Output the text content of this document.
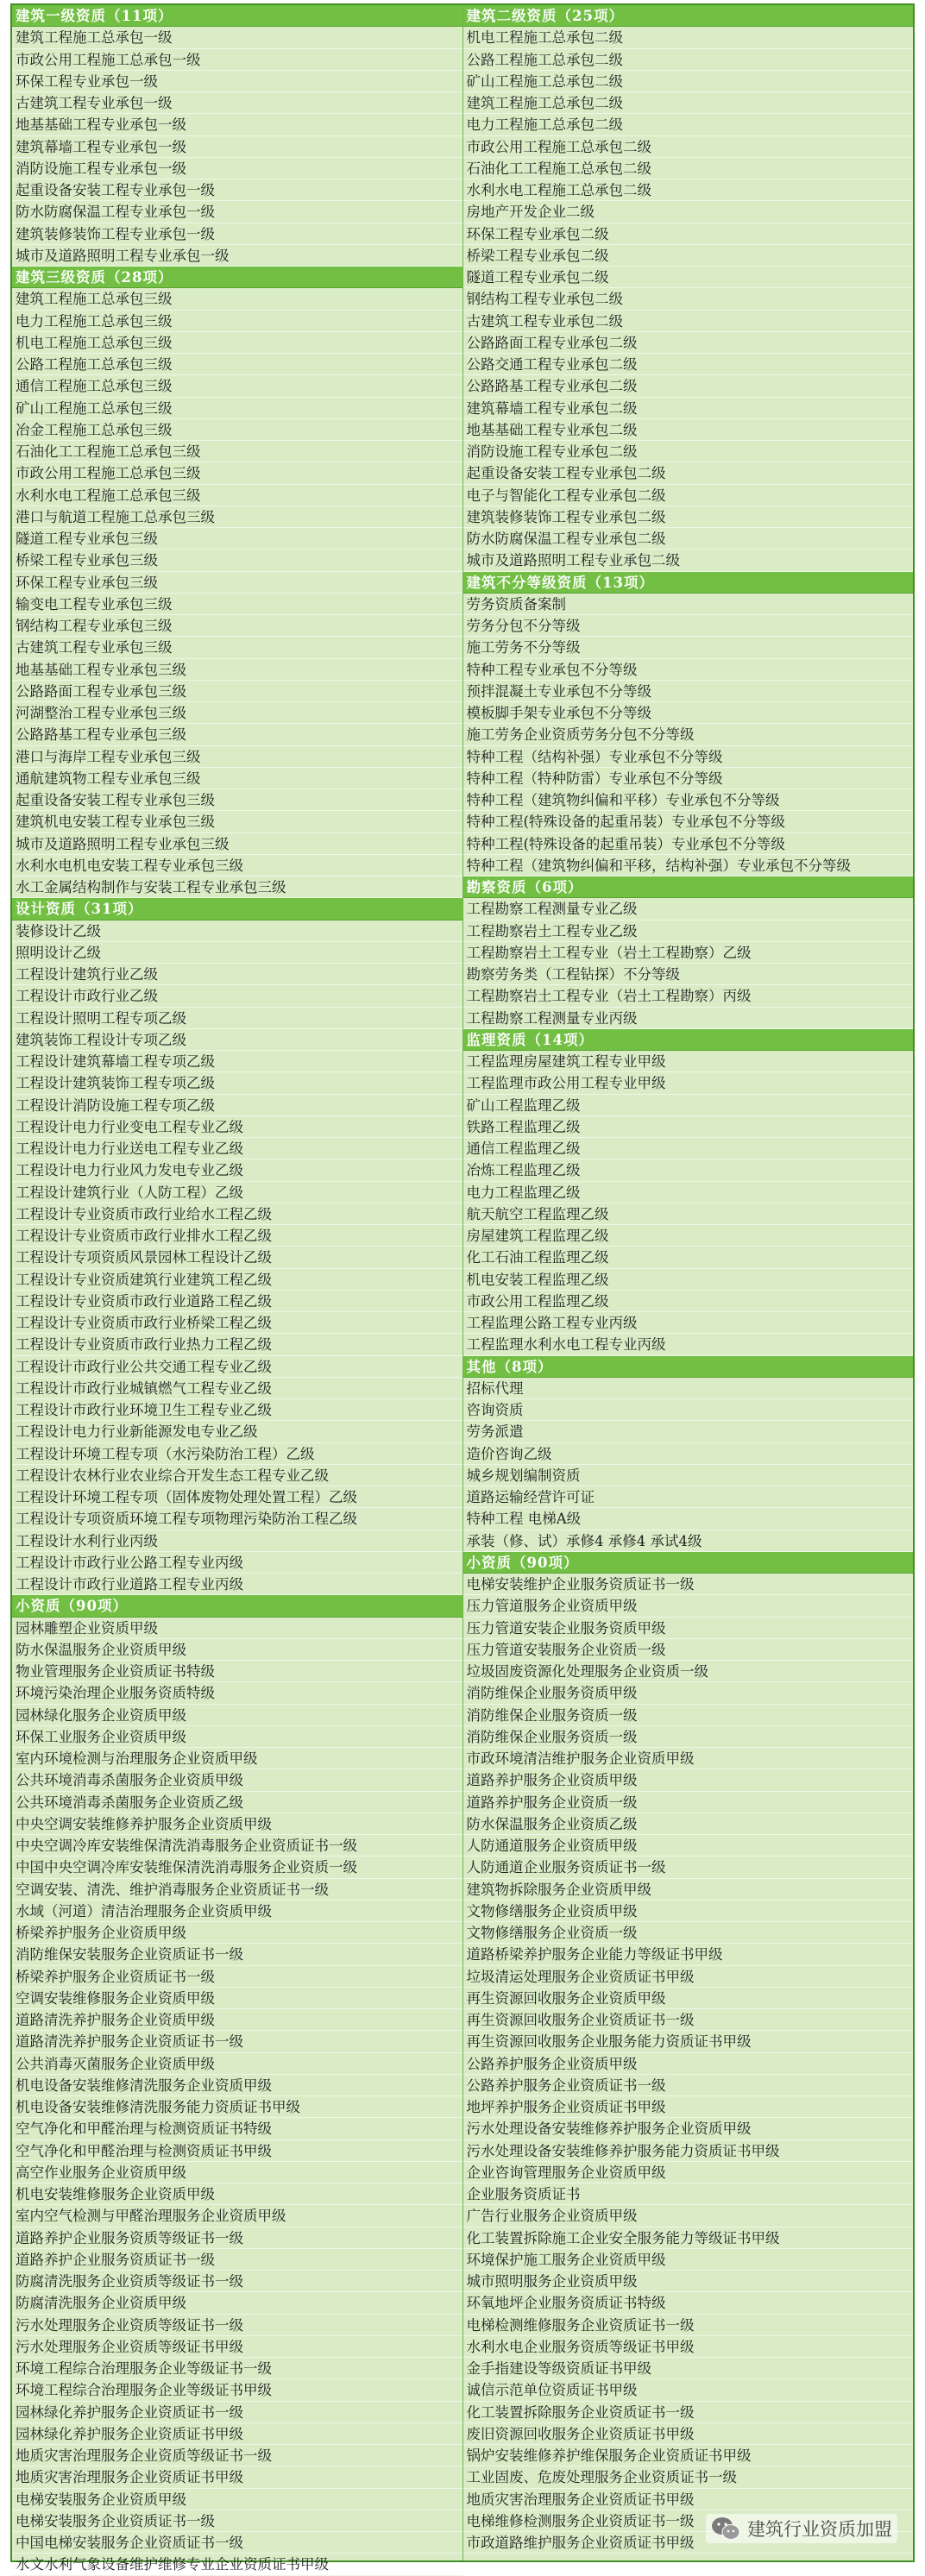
建筑一级资质（11项）
建筑工程施工总承包一级
市政公用工程施工总承包一级
环保工程专业承包一级
古建筑工程专业承包一级
地基基础工程专业承包一级
建筑幕墙工程专业承包一级
消防设施工程专业承包一级
起重设备安装工程专业承包一级
防水防腐保温工程专业承包一级
建筑装修装饰工程专业承包一级
城市及道路照明工程专业承包一级
建筑三级资质（28项）
建筑工程施工总承包三级
电力工程施工总承包三级
机电工程施工总承包三级
公路工程施工总承包三级
通信工程施工总承包三级
矿山工程施工总承包三级
冶金工程施工总承包三级
石油化工工程施工总承包三级
市政公用工程施工总承包三级
水利水电工程施工总承包三级
港口与航道工程施工总承包三级
隧道工程专业承包三级
桥梁工程专业承包三级
环保工程专业承包三级
输变电工程专业承包三级
钢结构工程专业承包三级
古建筑工程专业承包三级
地基基础工程专业承包三级
公路路面工程专业承包三级
河湖整治工程专业承包三级
公路路基工程专业承包三级
港口与海岸工程专业承包三级
通航建筑物工程专业承包三级
起重设备安装工程专业承包三级
建筑机电安装工程专业承包三级
城市及道路照明工程专业承包三级
水利水电机电安装工程专业承包三级
水工金属结构制作与安装工程专业承包三级
设计资质（31项）
装修设计乙级
照明设计乙级
工程设计建筑行业乙级
工程设计市政行业乙级
工程设计照明工程专项乙级
建筑装饰工程设计专项乙级
工程设计建筑幕墙工程专项乙级
工程设计建筑装饰工程专项乙级
工程设计消防设施工程专项乙级
工程设计电力行业变电工程专业乙级
工程设计电力行业送电工程专业乙级
工程设计电力行业风力发电专业乙级
工程设计建筑行业（人防工程）乙级
工程设计专业资质市政行业给水工程乙级
工程设计专业资质市政行业排水工程乙级
工程设计专项资质风景园林工程设计乙级
工程设计专业资质建筑行业建筑工程乙级
工程设计专业资质市政行业道路工程乙级
工程设计专业资质市政行业桥梁工程乙级
工程设计专业资质市政行业热力工程乙级
工程设计市政行业公共交通工程专业乙级
工程设计市政行业城镇燃气工程专业乙级
工程设计市政行业环境卫生工程专业乙级
工程设计电力行业新能源发电专业乙级
工程设计环境工程专项（水污染防治工程）乙级
工程设计农林行业农业综合开发生态工程专业乙级
工程设计环境工程专项（固体废物处理处置工程）乙级
工程设计专项资质环境工程专项物理污染防治工程乙级
工程设计水利行业丙级
工程设计市政行业公路工程专业丙级
工程设计市政行业道路工程专业丙级
小资质（90项）
园林雕塑企业资质甲级
防水保温服务企业资质甲级
物业管理服务企业资质证书特级
环境污染治理企业服务资质特级
园林绿化服务企业资质甲级
环保工业服务企业资质甲级
室内环境检测与治理服务企业资质甲级
公共环境消毒杀菌服务企业资质甲级
公共环境消毒杀菌服务企业资质乙级
中央空调安装维修养护服务企业资质甲级
中央空调冷库安装维保清洗消毒服务企业资质证书一级
中国中央空调冷库安装维保清洗消毒服务企业资质一级
空调安装、清洗、维护消毒服务企业资质证书一级
水域（河道）清洁治理服务企业资质甲级
桥梁养护服务企业资质甲级
消防维保安装服务企业资质证书一级
桥梁养护服务企业资质证书一级
空调安装维修服务企业资质甲级
道路清洗养护服务企业资质甲级
道路清洗养护服务企业资质证书一级
公共消毒灭菌服务企业资质甲级
机电设备安装维修清洗服务企业资质甲级
机电设备安装维修清洗服务能力资质证书甲级
空气净化和甲醛治理与检测资质证书特级
空气净化和甲醛治理与检测资质证书甲级
高空作业服务企业资质甲级
机电安装维修服务企业资质甲级
室内空气检测与甲醛治理服务企业资质甲级
道路养护企业服务资质等级证书一级
道路养护企业服务资质证书一级
防腐清洗服务企业资质等级证书一级
防腐清洗服务企业资质甲级
污水处理服务企业资质等级证书一级
污水处理服务企业资质等级证书甲级
环境工程综合治理服务企业等级证书一级
环境工程综合治理服务企业等级证书甲级
园林绿化养护服务企业资质证书一级
园林绿化养护服务企业资质证书甲级
地质灾害治理服务企业资质等级证书一级
地质灾害治理服务企业资质证书甲级
电梯安装服务企业资质甲级
电梯安装服务企业资质证书一级
中国电梯安装服务企业资质证书一级
水文水利气象设备维护维修专业企业资质证书甲级
建筑二级资质（25项）
机电工程施工总承包二级
公路工程施工总承包二级
矿山工程施工总承包二级
建筑工程施工总承包二级
电力工程施工总承包二级
市政公用工程施工总承包二级
石油化工工程施工总承包二级
水利水电工程施工总承包二级
房地产开发企业二级
环保工程专业承包二级
桥梁工程专业承包二级
隧道工程专业承包二级
钢结构工程专业承包二级
古建筑工程专业承包二级
公路路面工程专业承包二级
公路交通工程专业承包二级
公路路基工程专业承包二级
建筑幕墙工程专业承包二级
地基基础工程专业承包二级
消防设施工程专业承包二级
起重设备安装工程专业承包二级
电子与智能化工程专业承包二级
建筑装修装饰工程专业承包二级
防水防腐保温工程专业承包二级
城市及道路照明工程专业承包二级
建筑不分等级资质（13项）
劳务资质备案制
劳务分包不分等级
施工劳务不分等级
特种工程专业承包不分等级
预拌混凝土专业承包不分等级
模板脚手架专业承包不分等级
施工劳务企业资质劳务分包不分等级
特种工程（结构补强）专业承包不分等级
特种工程（特种防雷）专业承包不分等级
特种工程（建筑物纠偏和平移）专业承包不分等级
特种工程(特殊设备的起重吊装）专业承包不分等级
特种工程(特殊设备的起重吊装）专业承包不分等级
特种工程（建筑物纠偏和平移，结构补强）专业承包不分等级
勘察资质（6项）
工程勘察工程测量专业乙级
工程勘察岩土工程专业乙级
工程勘察岩土工程专业（岩土工程勘察）乙级
勘察劳务类（工程钻探）不分等级
工程勘察岩土工程专业（岩土工程勘察）丙级
工程勘察工程测量专业丙级
监理资质（14项）
工程监理房屋建筑工程专业甲级
工程监理市政公用工程专业甲级
矿山工程监理乙级
铁路工程监理乙级
通信工程监理乙级
冶炼工程监理乙级
电力工程监理乙级
航天航空工程监理乙级
房屋建筑工程监理乙级
化工石油工程监理乙级
机电安装工程监理乙级
市政公用工程监理乙级
工程监理公路工程专业丙级
工程监理水利水电工程专业丙级
其他（8项）
招标代理
咨询资质
劳务派遣
造价咨询乙级
城乡规划编制资质
道路运输经营许可证
特种工程 电梯A级
承装（修、试）承修4 承修4 承试4级
小资质（90项）
电梯安装维护企业服务资质证书一级
压力管道服务企业资质甲级
压力管道安装企业服务资质甲级
压力管道安装服务企业资质一级
垃圾固废资源化处理服务企业资质一级
消防维保企业服务资质甲级
消防维保企业服务资质一级
消防维保企业服务资质一级
市政环境清洁维护服务企业资质甲级
道路养护服务企业资质甲级
道路养护服务企业资质一级
防水保温服务企业资质乙级
人防通道服务企业资质甲级
人防通道企业服务资质证书一级
建筑物拆除服务企业资质甲级
文物修缮服务企业资质甲级
文物修缮服务企业资质一级
道路桥梁养护服务企业能力等级证书甲级
垃圾清运处理服务企业资质证书甲级
再生资源回收服务企业资质甲级
再生资源回收服务企业资质证书一级
再生资源回收服务企业服务能力资质证书甲级
公路养护服务企业资质甲级
公路养护服务企业资质证书一级
地坪养护服务企业资质证书甲级
污水处理设备安装维修养护服务企业资质甲级
污水处理设备安装维修养护服务能力资质证书甲级
企业咨询管理服务企业资质甲级
企业服务资质证书
广告行业服务企业资质甲级
化工装置拆除施工企业安全服务能力等级证书甲级
环境保护施工服务企业资质甲级
城市照明服务企业资质甲级
环氧地坪企业服务资质证书特级
电梯检测维修服务企业资质证书一级
水利水电企业服务资质等级证书甲级
金手指建设等级资质证书甲级
诚信示范单位资质证书甲级
化工装置拆除服务企业资质证书一级
废旧资源回收服务企业资质证书甲级
锅炉安装维修养护维保服务企业资质证书甲级
工业固废、危废处理服务企业资质证书一级
地质灾害治理服务企业资质证书甲级
电梯维修检测服务企业资质证书一级
市政道路维护服务企业资质证书甲级
建筑行业资质加盟
